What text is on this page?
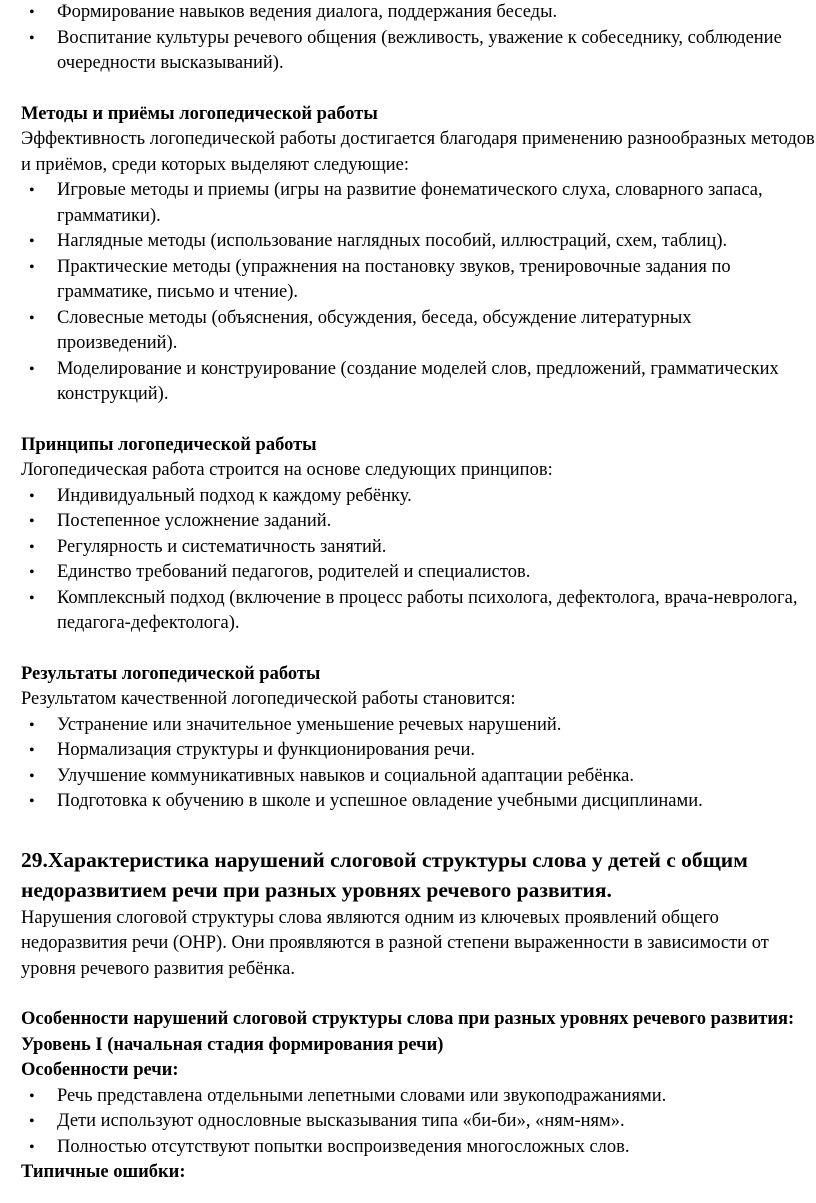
• Формирование навыков ведения диалога, поддержания беседы.
• Воспитание культуры речевого общения (вежливость, уважение к собеседнику, соблюдение очередности высказываний).

Методы и приёмы логопедической работы

Эффективность логопедической работы достигается благодаря применению разнообразных методов и приёмов, среди которых выделяют следующие:

• Игровые методы и приемы (игры на развитие фонематического слуха, словарного запаса, грамматики).
• Наглядные методы (использование наглядных пособий, иллюстраций, схем, таблиц).
• Практические методы (упражнения на постановку звуков, тренировочные задания по грамматике, письмо и чтение).
• Словесные методы (объяснения, обсуждения, беседа, обсуждение литературных произведений).
• Моделирование и конструирование (создание моделей слов, предложений, грамматических конструкций).

Принципы логопедической работы

Логопедическая работа строится на основе следующих принципов:

• Индивидуальный подход к каждому ребёнку.
• Постепенное усложнение заданий.
• Регулярность и систематичность занятий.
• Единство требований педагогов, родителей и специалистов.
• Комплексный подход (включение в процесс работы психолога, дефектолога, врача-невролога, педагога-дефектолога).

Результаты логопедической работы

Результатом качественной логопедической работы становится:

• Устранение или значительное уменьшение речевых нарушений.
• Нормализация структуры и функционирования речи.
• Улучшение коммуникативных навыков и социальной адаптации ребёнка.
• Подготовка к обучению в школе и успешное овладение учебными дисциплинами.
29.Характеристика нарушений слоговой структуры слова у детей с общим недоразвитием речи при разных уровнях речевого развития.

Нарушения слоговой структуры слова являются одним из ключевых проявлений общего недоразвития речи (ОНР). Они проявляются в разной степени выраженности в зависимости от уровня речевого развития ребёнка.

Особенности нарушений слоговой структуры слова при разных уровнях речевого развития:

Уровень I (начальная стадия формирования речи)

Особенности речи:

• Речь представлена отдельными лепетными словами или звукоподражаниями.
• Дети используют однословные высказывания типа «би-би», «ням-ням».
• Полностью отсутствуют попытки воспроизведения многосложных слов.

Типичные ошибки:
